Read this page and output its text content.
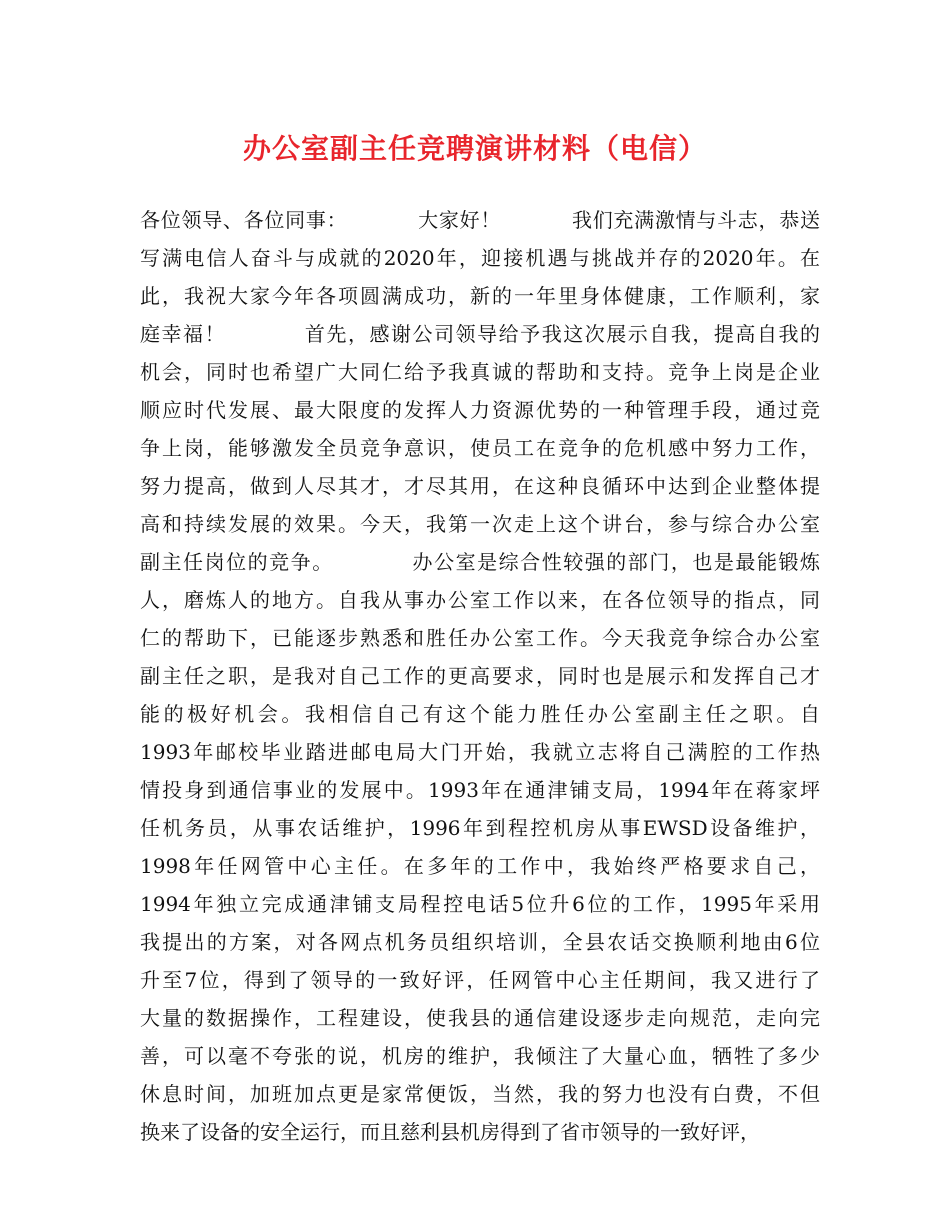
办公室副主任竞聘演讲材料（电信）
各位领导、各位同事：          大家好！          我们充满激情与斗志，恭送
写满电信人奋斗与成就的2020年，迎接机遇与挑战并存的2020年。在
此，我祝大家今年各项圆满成功，新的一年里身体健康，工作顺利，家
庭幸福！          首先，感谢公司领导给予我这次展示自我，提高自我的
机会，同时也希望广大同仁给予我真诚的帮助和支持。竞争上岗是企业
顺应时代发展、最大限度的发挥人力资源优势的一种管理手段，通过竞
争上岗，能够激发全员竞争意识，使员工在竞争的危机感中努力工作，
努力提高，做到人尽其才，才尽其用，在这种良循环中达到企业整体提
高和持续发展的效果。今天，我第一次走上这个讲台，参与综合办公室
副主任岗位的竞争。          办公室是综合性较强的部门，也是最能锻炼
人，磨炼人的地方。自我从事办公室工作以来，在各位领导的指点，同
仁的帮助下，已能逐步熟悉和胜任办公室工作。今天我竞争综合办公室
副主任之职，是我对自己工作的更高要求，同时也是展示和发挥自己才
能的极好机会。我相信自己有这个能力胜任办公室副主任之职。自
1993年邮校毕业踏进邮电局大门开始，我就立志将自己满腔的工作热
情投身到通信事业的发展中。1993年在通津铺支局，1994年在蒋家坪
任机务员，从事农话维护，1996年到程控机房从事EWSD设备维护，
1998年任网管中心主任。在多年的工作中，我始终严格要求自己，
1994年独立完成通津铺支局程控电话5位升6位的工作，1995年采用
我提出的方案，对各网点机务员组织培训，全县农话交换顺利地由6位
升至7位，得到了领导的一致好评，任网管中心主任期间，我又进行了
大量的数据操作，工程建设，使我县的通信建设逐步走向规范，走向完
善，可以毫不夸张的说，机房的维护，我倾注了大量心血，牺牲了多少
休息时间，加班加点更是家常便饭，当然，我的努力也没有白费，不但
换来了设备的安全运行，而且慈利县机房得到了省市领导的一致好评，
